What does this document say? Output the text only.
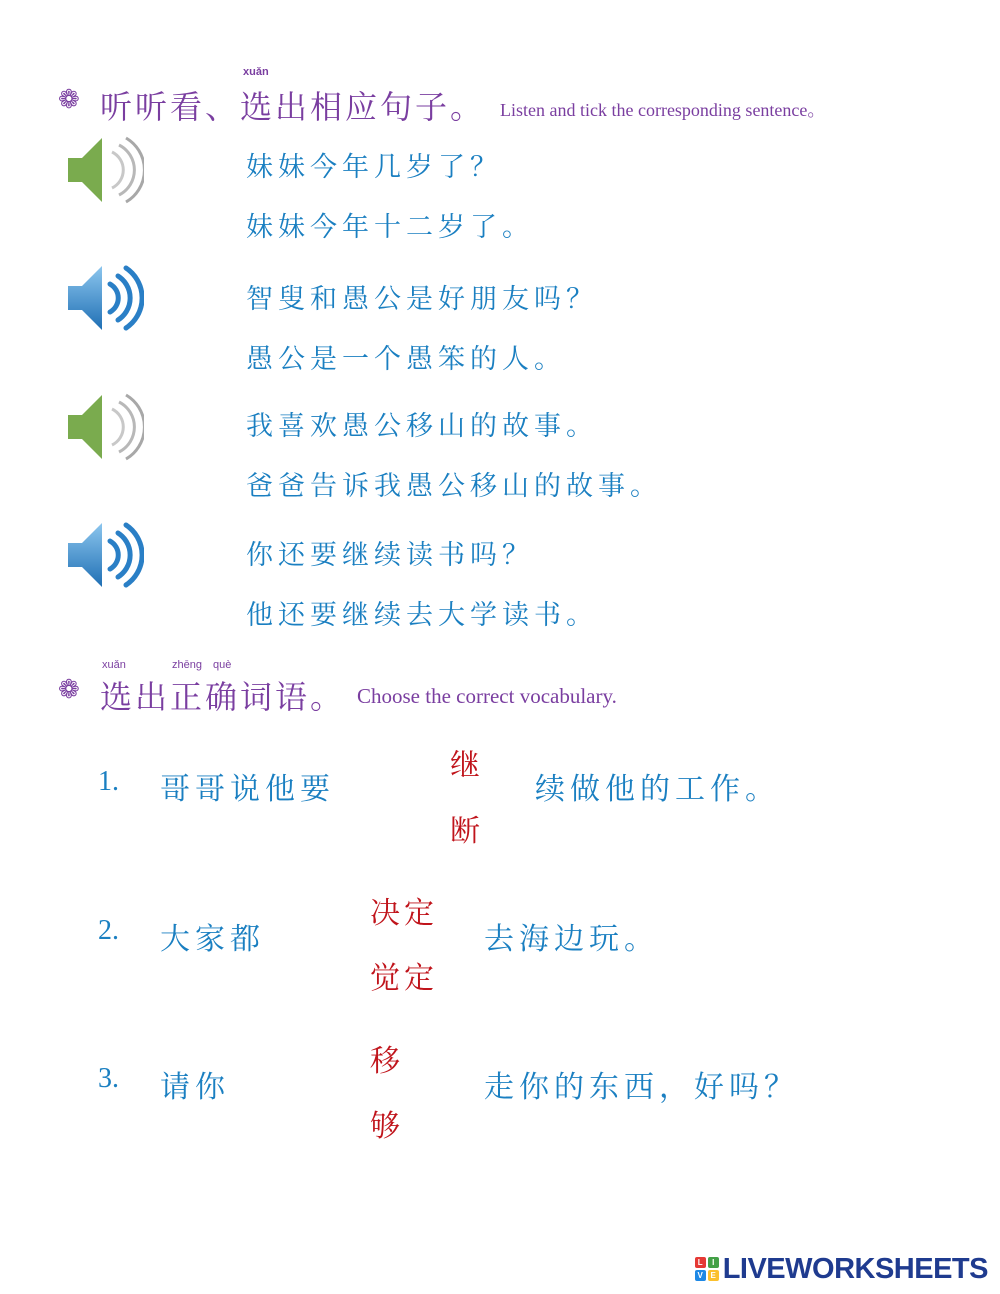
❁
xuǎn
听听看、选出相应句子。 Listen and tick the corresponding sentence。
妹妹今年几岁了？
妹妹今年十二岁了。
智叟和愚公是好朋友吗？
愚公是一个愚笨的人。
我喜欢愚公移山的故事。
爸爸告诉我愚公移山的故事。
你还要继续读书吗？
他还要继续去大学读书。
xuǎn	zhēng què
❁ 选出正确词语。 Choose the correct vocabulary.
1. 哥哥说他要
继
断
续做他的工作。
2. 大家都
决定
觉定
去海边玩。
3. 请你
移
够
走你的东西，好吗？
L	I
V E LIVEWORKSHEETS
